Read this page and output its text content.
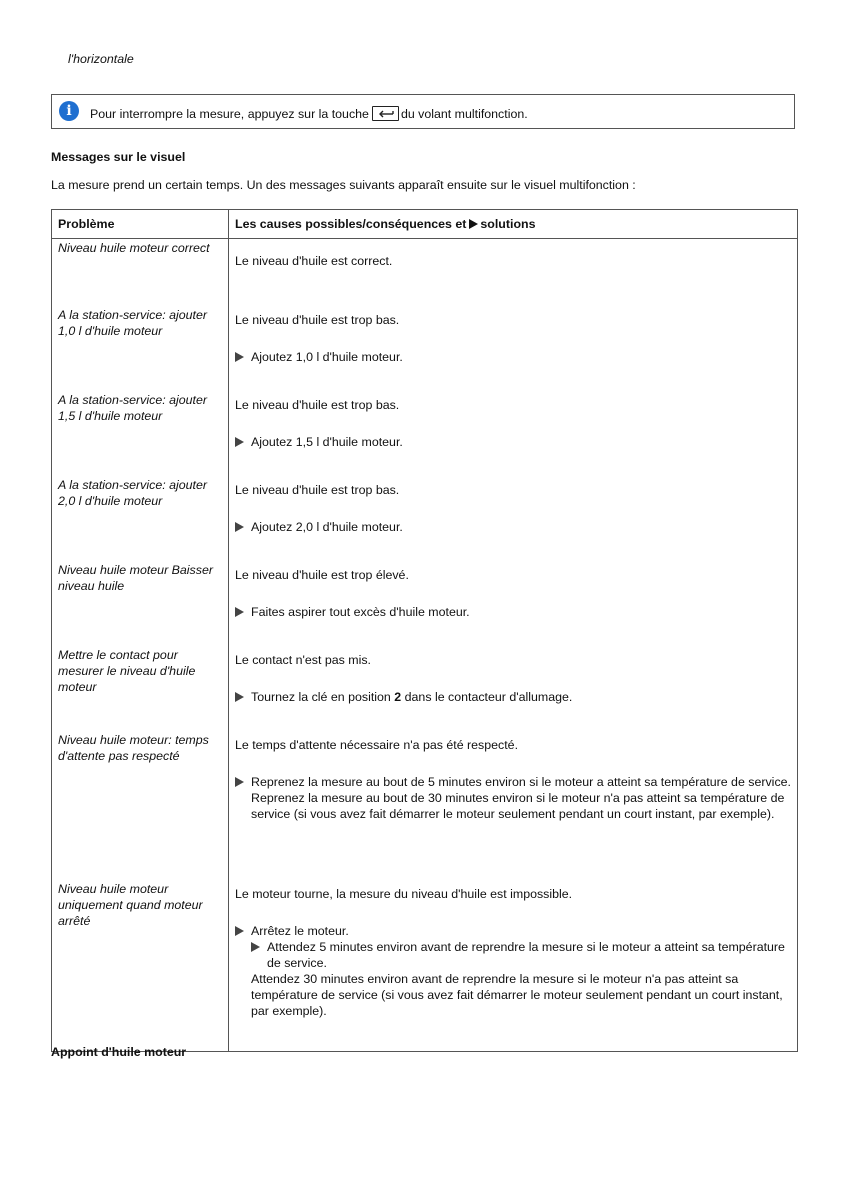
l'horizontale
i	Pour interrompre la mesure, appuyez sur la touche	du volant multifonction.
Messages sur le visuel
La mesure prend un certain temps. Un des messages suivants apparaît ensuite sur le visuel multifonction :
Problème	Les causes possibles/conséquences et solutions

Niveau huile moteur correct	Le niveau d'huile est correct.

A la station-service: ajouter 1,0 l d'huile moteur	Le niveau d'huile est trop bas.
Ajoutez 1,0 l d'huile moteur.

A la station-service: ajouter 1,5 l d'huile moteur	Le niveau d'huile est trop bas.
Ajoutez 1,5 l d'huile moteur.

A la station-service: ajouter 2,0 l d'huile moteur	Le niveau d'huile est trop bas.
Ajoutez 2,0 l d'huile moteur.

Niveau huile moteur Baisser niveau huile	Le niveau d'huile est trop élevé.
Faites aspirer tout excès d'huile moteur.

Mettre le contact pour mesurer le niveau d'huile moteur	Le contact n'est pas mis.
Tournez la clé en position 2 dans le contacteur d'allumage.

Niveau huile moteur: temps d'attente pas respecté	Le temps d'attente nécessaire n'a pas été respecté.
Reprenez la mesure au bout de 5 minutes environ si le moteur a atteint sa température de service.
Reprenez la mesure au bout de 30 minutes environ si le moteur n'a pas atteint sa température de service (si vous avez fait démarrer le moteur seulement pendant un court instant, par exemple).

Niveau huile moteur uniquement quand moteur arrêté	Le moteur tourne, la mesure du niveau d'huile est impossible.
Arrêtez le moteur.
Attendez 5 minutes environ avant de reprendre la mesure si le moteur a atteint sa température de service.
Attendez 30 minutes environ avant de reprendre la mesure si le moteur n'a pas atteint sa température de service (si vous avez fait démarrer le moteur seulement pendant un court instant, par exemple).
Appoint d'huile moteur
